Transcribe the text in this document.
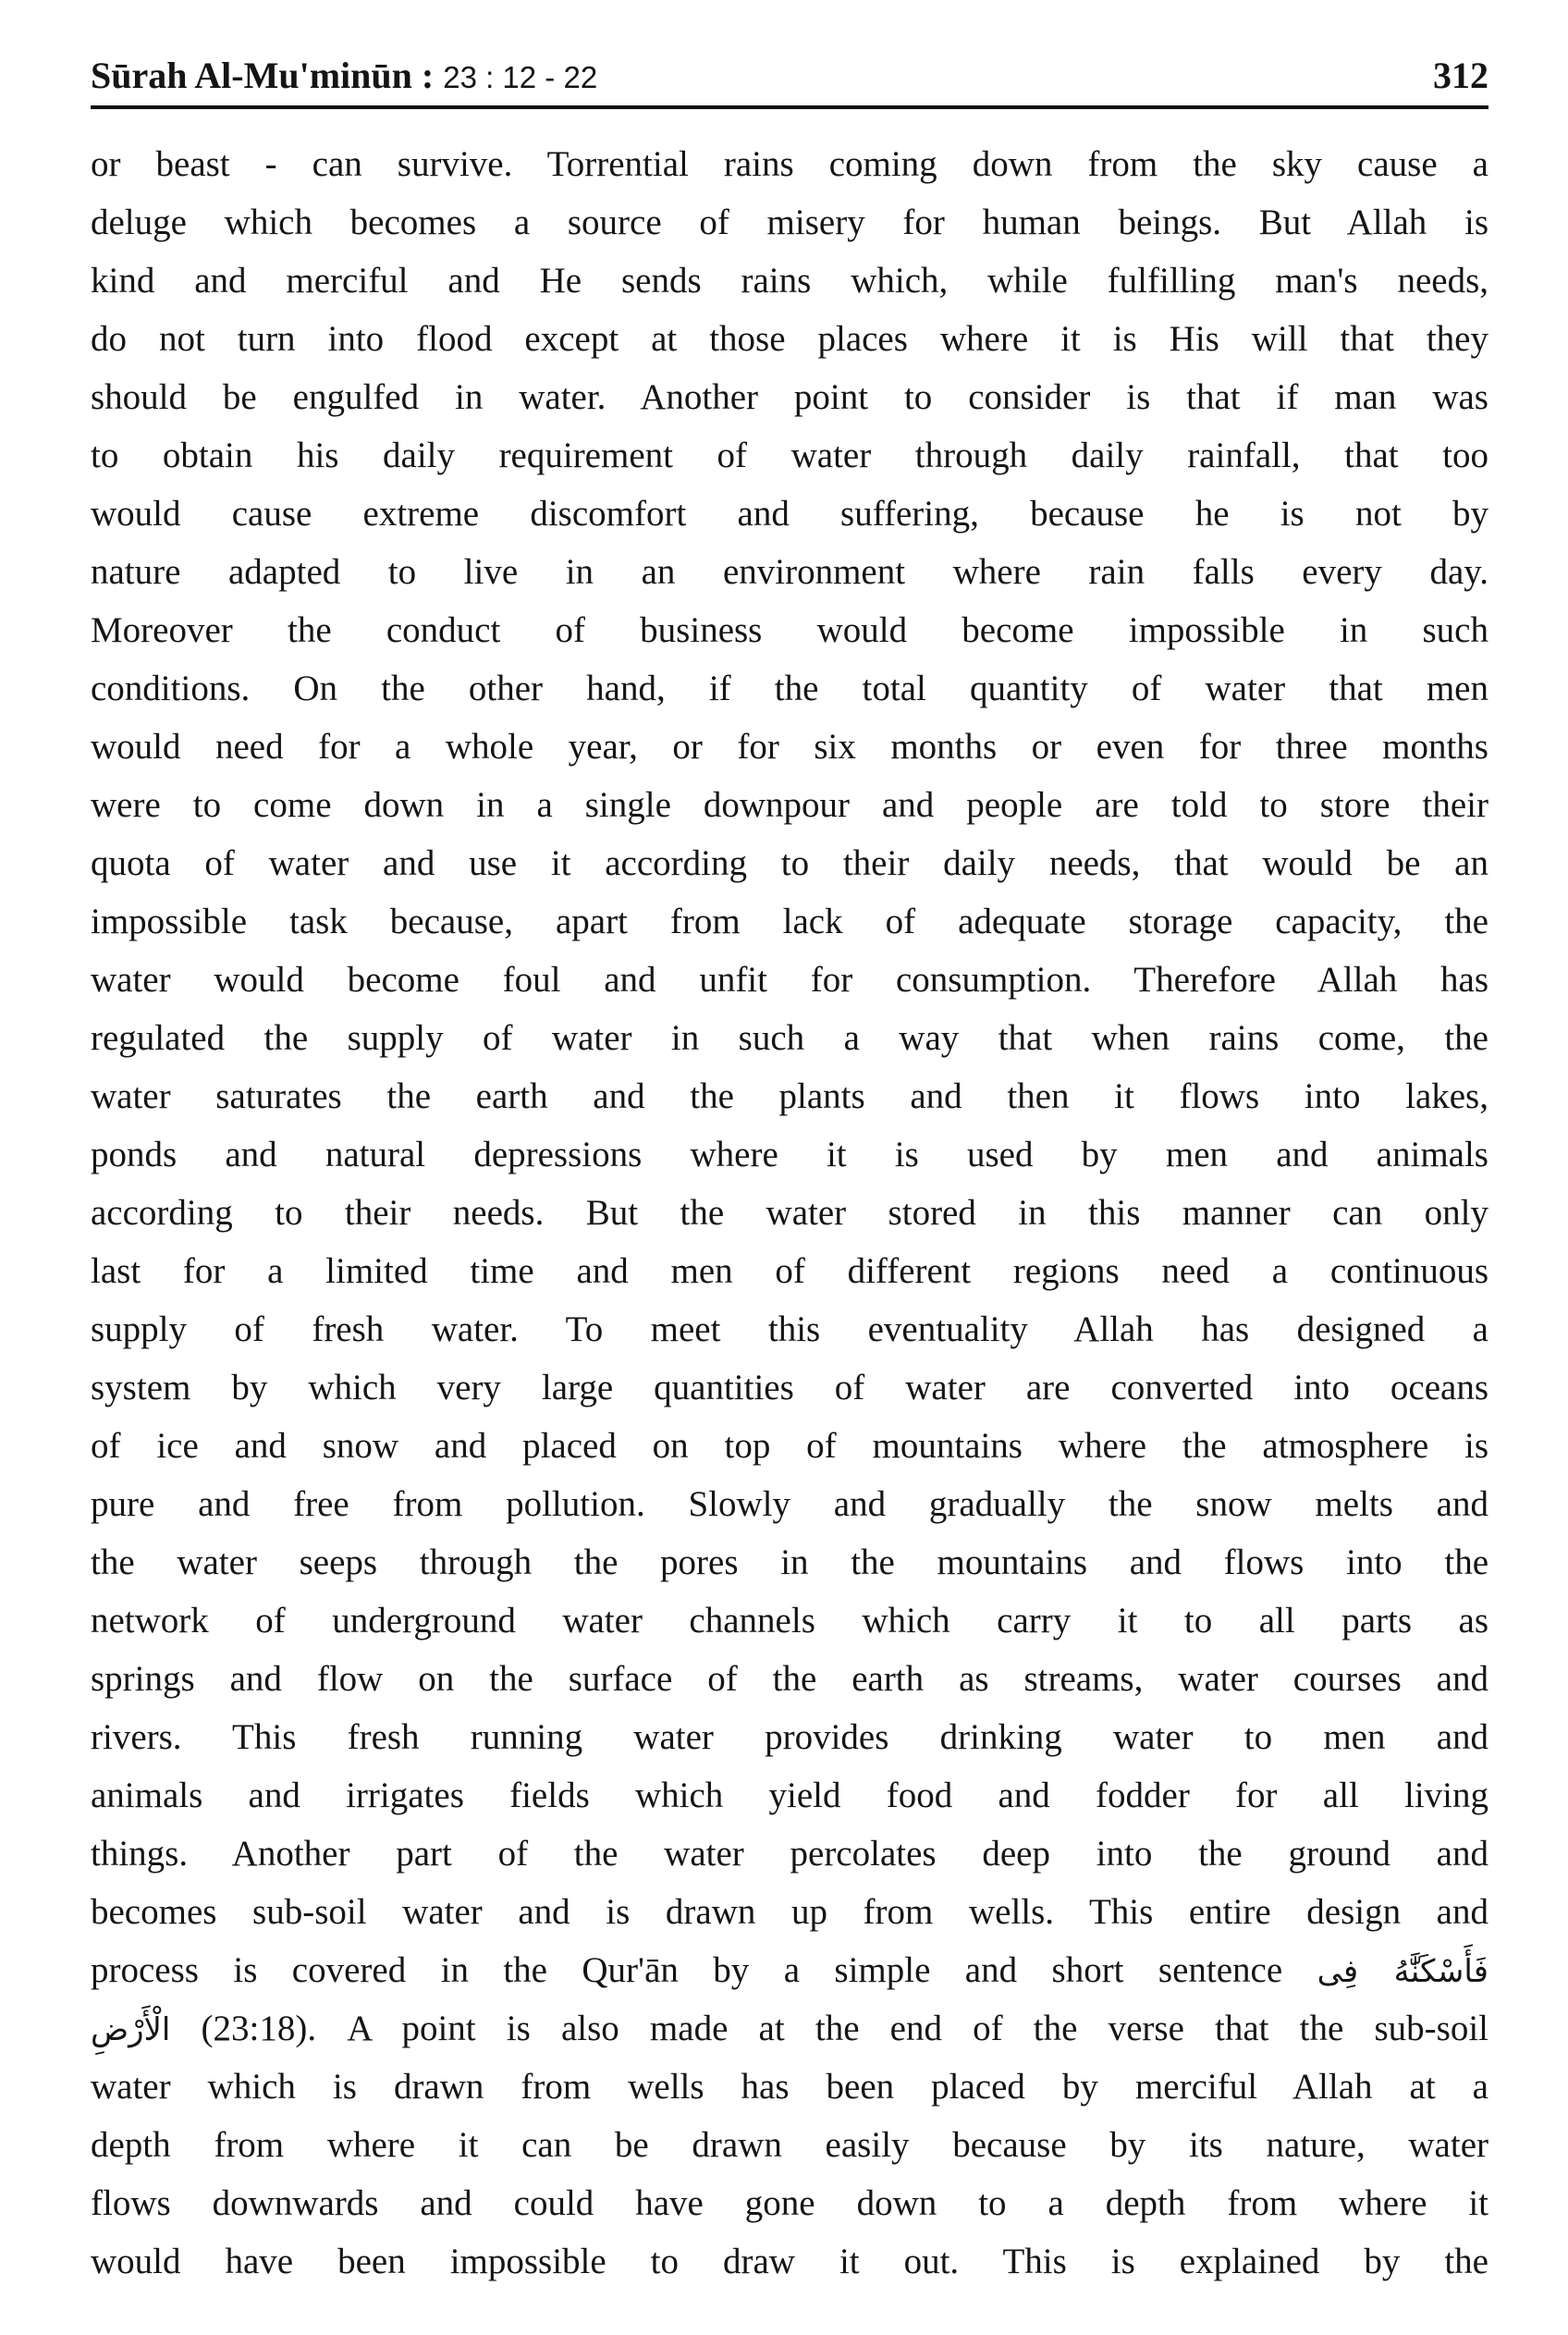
Sūrah Al-Mu'minūn : 23 : 12 - 22	312
or beast - can survive. Torrential rains coming down from the sky cause a
deluge which becomes a source of misery for human beings. But Allah is
kind and merciful and He sends rains which, while fulfilling man's needs,
do not turn into flood except at those places where it is His will that they
should be engulfed in water. Another point to consider is that if man was
to obtain his daily requirement of water through daily rainfall, that too
would cause extreme discomfort and suffering, because he is not by
nature adapted to live in an environment where rain falls every day.
Moreover the conduct of business would become impossible in such
conditions. On the other hand, if the total quantity of water that men
would need for a whole year, or for six months or even for three months
were to come down in a single downpour and people are told to store their
quota of water and use it according to their daily needs, that would be an
impossible task because, apart from lack of adequate storage capacity, the
water would become foul and unfit for consumption. Therefore Allah has
regulated the supply of water in such a way that when rains come, the
water saturates the earth and the plants and then it flows into lakes,
ponds and natural depressions where it is used by men and animals
according to their needs. But the water stored in this manner can only
last for a limited time and men of different regions need a continuous
supply of fresh water. To meet this eventuality Allah has designed a
system by which very large quantities of water are converted into oceans
of ice and snow and placed on top of mountains where the atmosphere is
pure and free from pollution. Slowly and gradually the snow melts and
the water seeps through the pores in the mountains and flows into the
network of underground water channels which carry it to all parts as
springs and flow on the surface of the earth as streams, water courses and
rivers. This fresh running water provides drinking water to men and
animals and irrigates fields which yield food and fodder for all living
things. Another part of the water percolates deep into the ground and
becomes sub-soil water and is drawn up from wells. This entire design and
process is covered in the Qur'ān by a simple and short sentence فَأَسْكَنَّٰهُ فِى
الْأَرْضِ (23:18). A point is also made at the end of the verse that the sub-soil
water which is drawn from wells has been placed by merciful Allah at a
depth from where it can be drawn easily because by its nature, water
flows downwards and could have gone down to a depth from where it
would have been impossible to draw it out. This is explained by the
